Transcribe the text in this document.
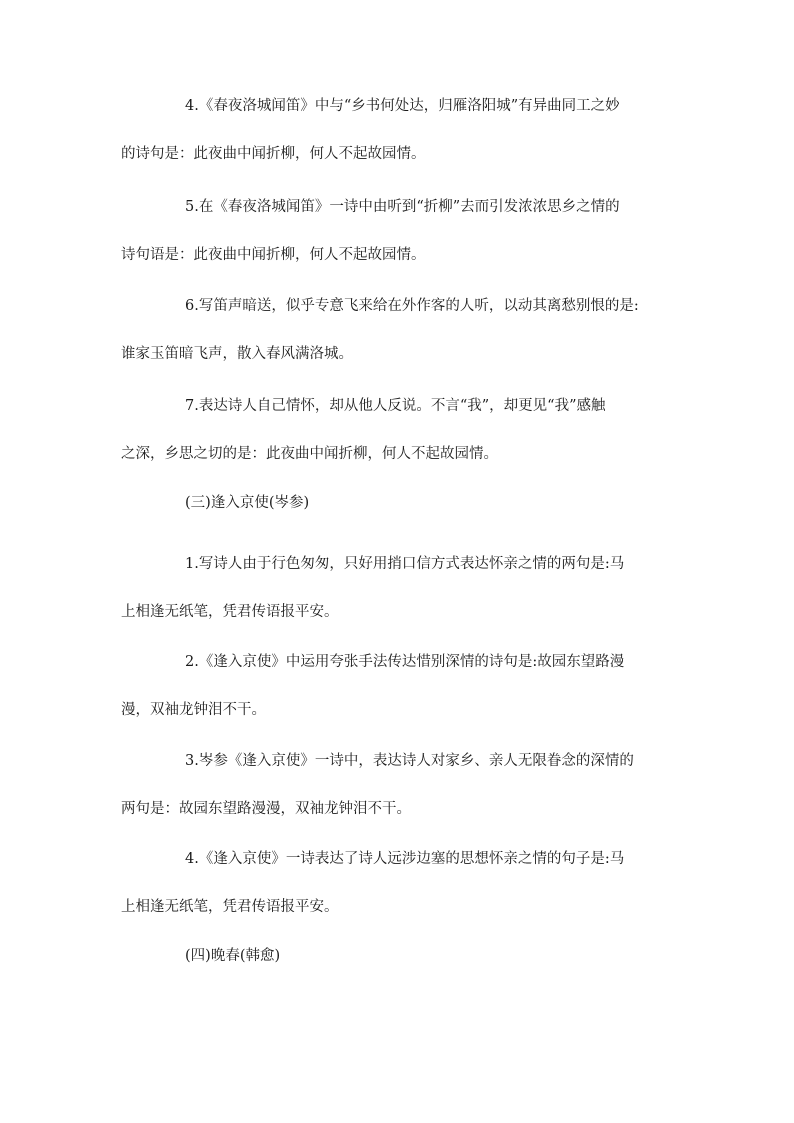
4.《春夜洛城闻笛》中与“乡书何处达，归雁洛阳城”有异曲同工之妙
的诗句是：此夜曲中闻折柳，何人不起故园情。
5.在《春夜洛城闻笛》一诗中由听到“折柳”去而引发浓浓思乡之情的
诗句语是：此夜曲中闻折柳，何人不起故园情。
6.写笛声暗送，似乎专意飞来给在外作客的人听，以动其离愁别恨的是:
谁家玉笛暗飞声，散入春风满洛城。
7.表达诗人自己情怀，却从他人反说。不言“我”，却更见“我”感触
之深，乡思之切的是：此夜曲中闻折柳，何人不起故园情。
(三)逢入京使(岑参)
1.写诗人由于行色匆匆，只好用捎口信方式表达怀亲之情的两句是:马
上相逢无纸笔，凭君传语报平安。
2.《逢入京使》中运用夸张手法传达惜别深情的诗句是:故园东望路漫
漫，双袖龙钟泪不干。
3.岑参《逢入京使》一诗中，表达诗人对家乡、亲人无限眷念的深情的
两句是：故园东望路漫漫，双袖龙钟泪不干。
4.《逢入京使》一诗表达了诗人远涉边塞的思想怀亲之情的句子是:马
上相逢无纸笔，凭君传语报平安。
(四)晚春(韩愈)
